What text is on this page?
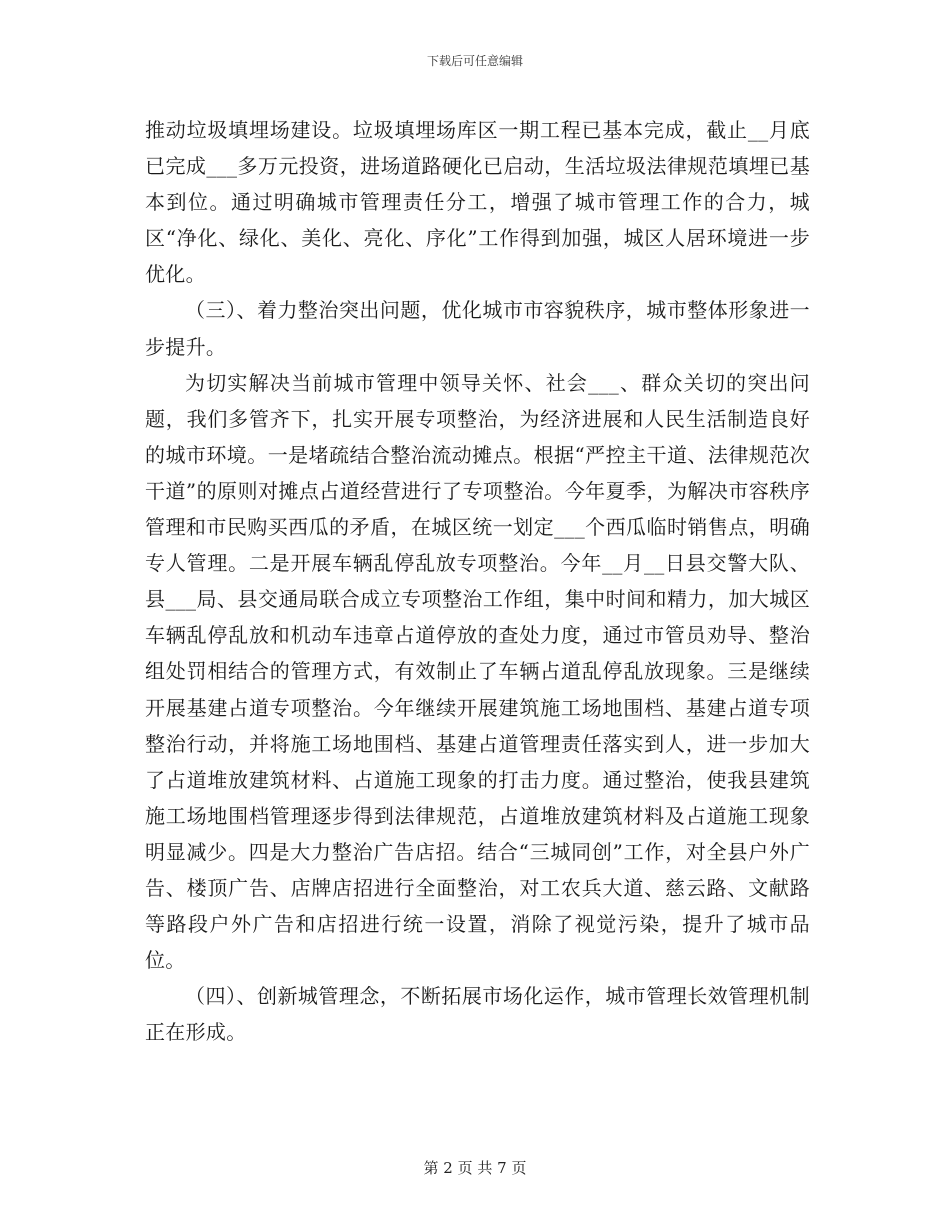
下载后可任意编辑

推动垃圾填埋场建设。垃圾填埋场库区一期工程已基本完成，截止__月底已完成___多万元投资，进场道路硬化已启动，生活垃圾法律规范填埋已基本到位。通过明确城市管理责任分工，增强了城市管理工作的合力，城区“净化、绿化、美化、亮化、序化”工作得到加强，城区人居环境进一步优化。

（三）、着力整治突出问题，优化城市市容貌秩序，城市整体形象进一步提升。

为切实解决当前城市管理中领导关怀、社会___、群众关切的突出问题，我们多管齐下，扎实开展专项整治，为经济进展和人民生活制造良好的城市环境。一是堵疏结合整治流动摊点。根据“严控主干道、法律规范次干道”的原则对摊点占道经营进行了专项整治。今年夏季，为解决市容秩序管理和市民购买西瓜的矛盾，在城区统一划定___个西瓜临时销售点，明确专人管理。二是开展车辆乱停乱放专项整治。今年__月__日县交警大队、县___局、县交通局联合成立专项整治工作组，集中时间和精力，加大城区车辆乱停乱放和机动车违章占道停放的查处力度，通过市管员劝导、整治组处罚相结合的管理方式，有效制止了车辆占道乱停乱放现象。三是继续开展基建占道专项整治。今年继续开展建筑施工场地围档、基建占道专项整治行动，并将施工场地围档、基建占道管理责任落实到人，进一步加大了占道堆放建筑材料、占道施工现象的打击力度。通过整治，使我县建筑施工场地围档管理逐步得到法律规范，占道堆放建筑材料及占道施工现象明显减少。四是大力整治广告店招。结合“三城同创”工作，对全县户外广告、楼顶广告、店牌店招进行全面整治，对工农兵大道、慈云路、文献路等路段户外广告和店招进行统一设置，消除了视觉污染，提升了城市品位。

（四）、创新城管理念，不断拓展市场化运作，城市管理长效管理机制正在形成。

第 2 页 共 7 页
